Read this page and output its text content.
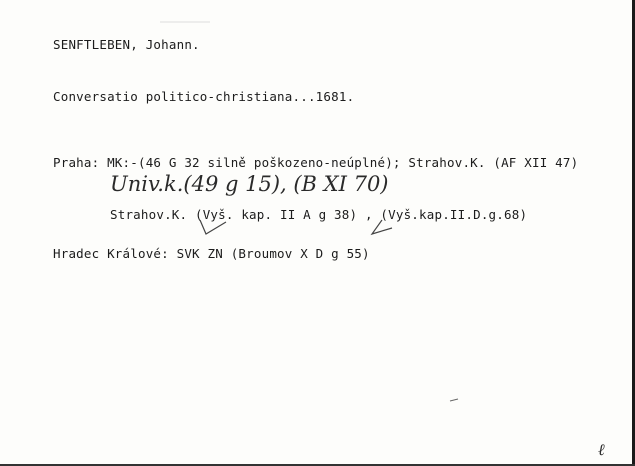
SENFTLEBEN, Johann.
Conversatio politico-christiana...1681.
Praha: MK:-(46 G 32 silně poškozeno-neúplné); Strahov.K. (AF XII 47)
Univ.k.(49 g 15), (B XI 70)
Strahov.K. (Vyš. kap. II A g 38) , (Vyš.kap.II.D.g.68)
Hradec Králové: SVK ZN (Broumov X D g 55)
ℓ
